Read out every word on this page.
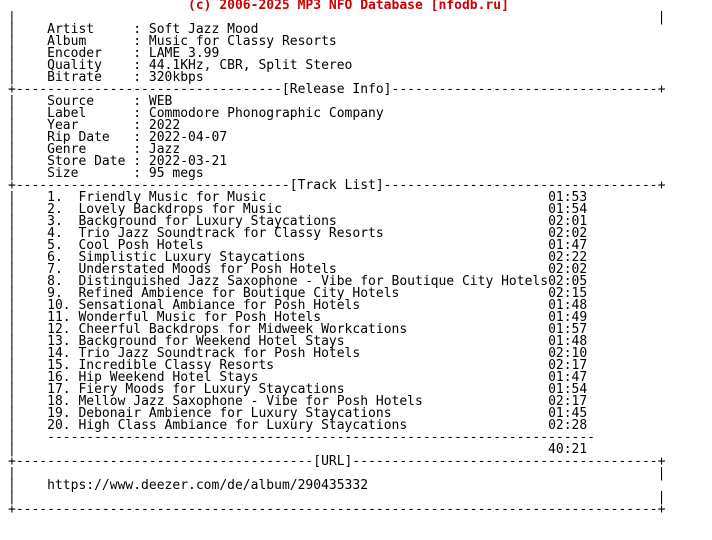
(c) 2006-2025 MP3 NFO Database [nfodb.ru]
|                                                                                  |
|    Artist     : Soft Jazz Mood
|    Album      : Music for Classy Resorts
|    Encoder    : LAME 3.99
|    Quality    : 44.1KHz, CBR, Split Stereo
|    Bitrate    : 320kbps
+----------------------------------[Release Info]----------------------------------+
|    Source     : WEB
|    Label      : Commodore Phonographic Company
|    Year       : 2022
|    Rip Date   : 2022-04-07
|    Genre      : Jazz
|    Store Date : 2022-03-21
|    Size       : 95 megs
+-----------------------------------[Track List]-----------------------------------+
|    1.  Friendly Music for Music                                    01:53
|    2.  Lovely Backdrops for Music                                  01:54
|    3.  Background for Luxury Staycations                           02:01
|    4.  Trio Jazz Soundtrack for Classy Resorts                     02:02
|    5.  Cool Posh Hotels                                            01:47
|    6.  Simplistic Luxury Staycations                               02:22
|    7.  Understated Moods for Posh Hotels                           02:02
|    8.  Distinguished Jazz Saxophone - Vibe for Boutique City Hotels02:05
|    9.  Refined Ambience for Boutique City Hotels                   02:15
|    10. Sensational Ambiance for Posh Hotels                        01:48
|    11. Wonderful Music for Posh Hotels                             01:49
|    12. Cheerful Backdrops for Midweek Workcations                  01:57
|    13. Background for Weekend Hotel Stays                          01:48
|    14. Trio Jazz Soundtrack for Posh Hotels                        02:10
|    15. Incredible Classy Resorts                                   02:17
|    16. Hip Weekend Hotel Stays                                     01:47
|    17. Fiery Moods for Luxury Staycations                          01:54
|    18. Mellow Jazz Saxophone - Vibe for Posh Hotels                02:17
|    19. Debonair Ambience for Luxury Staycations                    01:45
|    20. High Class Ambiance for Luxury Staycations                  02:28
|    ----------------------------------------------------------------------
|	40:21
+--------------------------------------[URL]---------------------------------------+
|                                                                                  |
|    https://www.deezer.com/de/album/290435332
|                                                                                  |
+----------------------------------------------------------------------------------+
